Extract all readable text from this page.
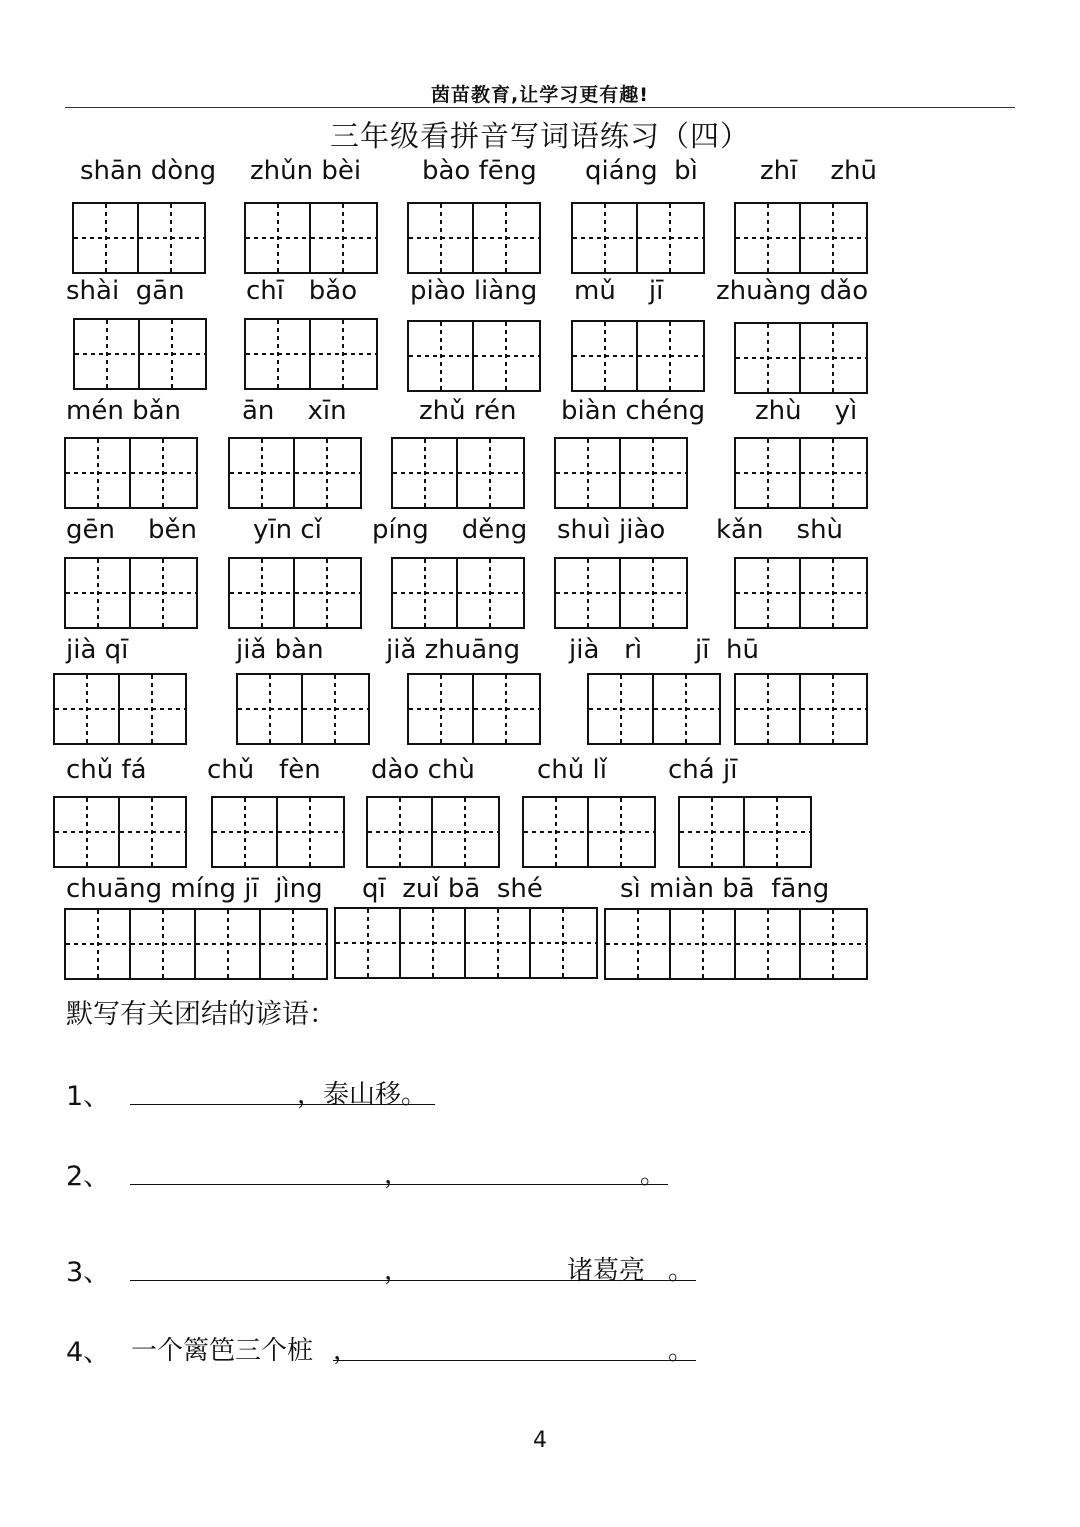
茵苗教育,让学习更有趣!
三年级看拼音写词语练习（四）
shān dòng zhǔn bèi bào fēng qiáng  bì zhī    zhū
shài  gān chī   bǎo piào liàng mǔ    jī zhuàng dǎo
mén bǎn ān    xīn	zhǔ rén biàn chéng zhù    yì
gēn    běn yīn cǐ píng    děng shuì jiào kǎn    shù
jià qī	jiǎ bàn jiǎ zhuāng jià   rì jī  hū
chǔ fá chǔ   fèn dào chù chǔ lǐ chá jī
chuāng míng jī  jìng qī  zuǐ bā  shé	sì miàn bā  fāng
默写有关团结的谚语：
1、	，泰山移。
2、	，	。
3、	，	诸葛亮 。
4、 一个篱笆三个桩 ，	。
4
